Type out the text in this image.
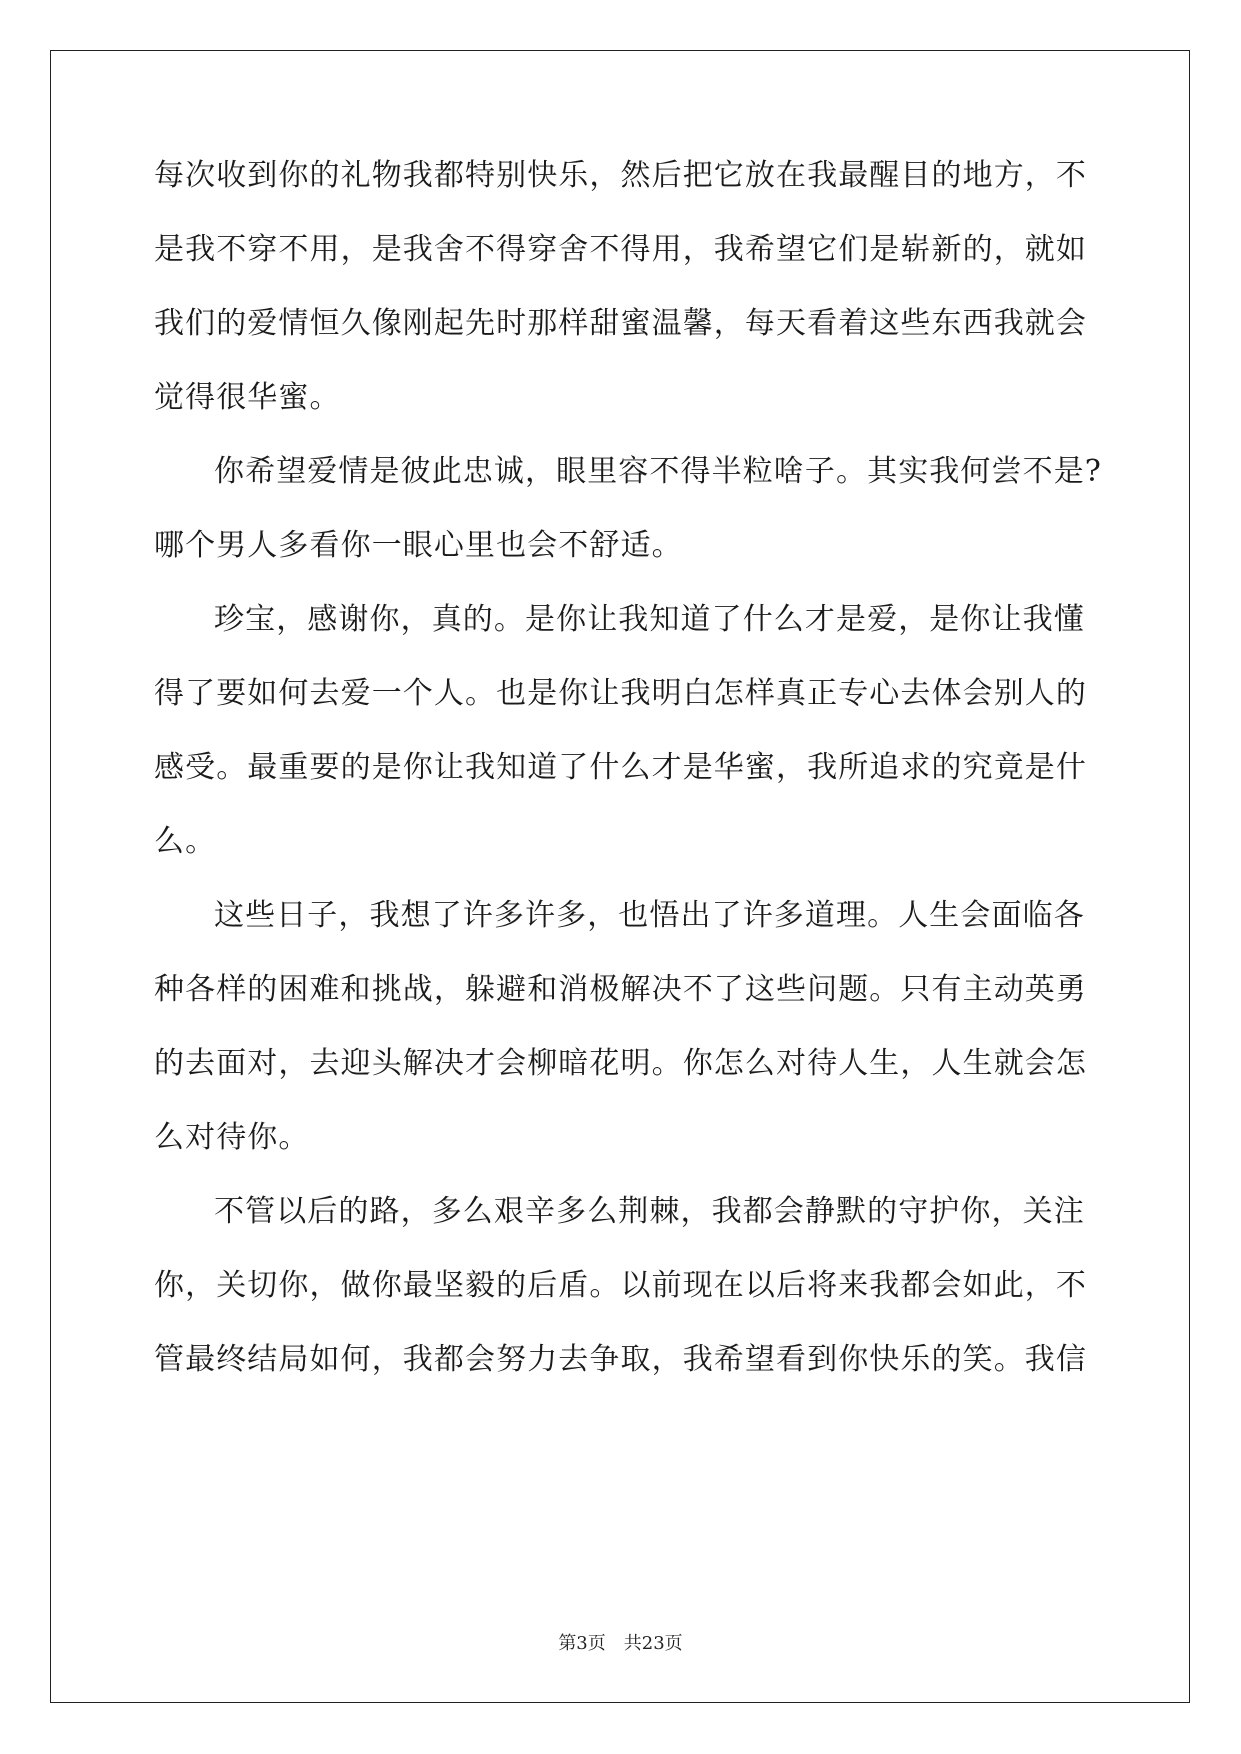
每次收到你的礼物我都特别快乐，然后把它放在我最醒目的地方，不
是我不穿不用，是我舍不得穿舍不得用，我希望它们是崭新的，就如
我们的爱情恒久像刚起先时那样甜蜜温馨，每天看着这些东西我就会
觉得很华蜜。
你希望爱情是彼此忠诚，眼里容不得半粒啥子。其实我何尝不是?
哪个男人多看你一眼心里也会不舒适。
珍宝，感谢你，真的。是你让我知道了什么才是爱，是你让我懂
得了要如何去爱一个人。也是你让我明白怎样真正专心去体会别人的
感受。最重要的是你让我知道了什么才是华蜜，我所追求的究竟是什
么。
这些日子，我想了许多许多，也悟出了许多道理。人生会面临各
种各样的困难和挑战，躲避和消极解决不了这些问题。只有主动英勇
的去面对，去迎头解决才会柳暗花明。你怎么对待人生，人生就会怎
么对待你。
不管以后的路，多么艰辛多么荆棘，我都会静默的守护你，关注
你，关切你，做你最坚毅的后盾。以前现在以后将来我都会如此，不
管最终结局如何，我都会努力去争取，我希望看到你快乐的笑。我信
第3页 共23页
